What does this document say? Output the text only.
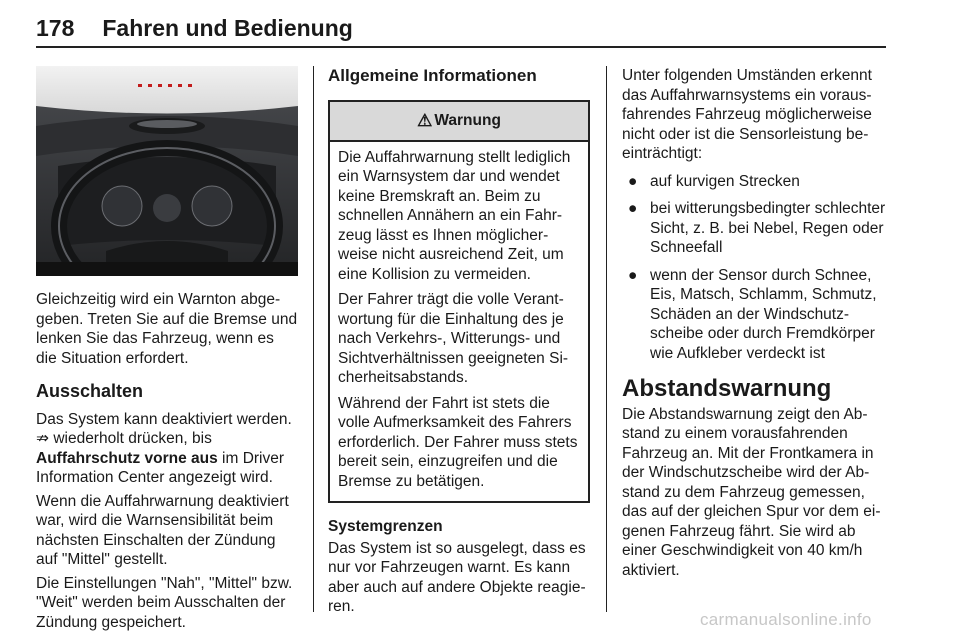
178 Fahren und Bedienung

Gleichzeitig wird ein Warnton abgegeben. Treten Sie auf die Bremse und lenken Sie das Fahrzeug, wenn es die Situation erfordert.

Ausschalten

Das System kann deaktiviert werden.
⇏ wiederholt drücken, bis
Auffahrschutz vorne aus im Driver Information Center angezeigt wird.

Wenn die Auffahrwarnung deaktiviert war, wird die Warnsensibilität beim nächsten Einschalten der Zündung auf "Mittel" gestellt.

Die Einstellungen "Nah", "Mittel" bzw. "Weit" werden beim Ausschalten der Zündung gespeichert.

Allgemeine Informationen
⚠ Warnung

Die Auffahrwarnung stellt lediglich ein Warnsystem dar und wendet keine Bremskraft an. Beim zu schnellen Annähern an ein Fahrzeug lässt es Ihnen möglicherweise nicht ausreichend Zeit, um eine Kollision zu vermeiden.

Der Fahrer trägt die volle Verantwortung für die Einhaltung des je nach Verkehrs-, Witterungs- und Sichtverhältnissen geeigneten Sicherheitsabstands.

Während der Fahrt ist stets die volle Aufmerksamkeit des Fahrers erforderlich. Der Fahrer muss stets bereit sein, einzugreifen und die Bremse zu betätigen.

Systemgrenzen

Das System ist so ausgelegt, dass es nur vor Fahrzeugen warnt. Es kann aber auch auf andere Objekte reagieren.

Unter folgenden Umständen erkennt das Auffahrwarnsystems ein vorausfahrendes Fahrzeug möglicherweise nicht oder ist die Sensorleistung beeinträchtigt:

● auf kurvigen Strecken
● bei witterungsbedingter schlechter Sicht, z. B. bei Nebel, Regen oder Schneefall
● wenn der Sensor durch Schnee, Eis, Matsch, Schlamm, Schmutz, Schäden an der Windschutzscheibe oder durch Fremdkörper wie Aufkleber verdeckt ist
Abstandswarnung

Die Abstandswarnung zeigt den Abstand zu einem vorausfahrenden Fahrzeug an. Mit der Frontkamera in der Windschutzscheibe wird der Abstand zu dem Fahrzeug gemessen, das auf der gleichen Spur vor dem eigenen Fahrzeug fährt. Sie wird ab einer Geschwindigkeit von 40 km/h aktiviert.

carmanualsonline.info
